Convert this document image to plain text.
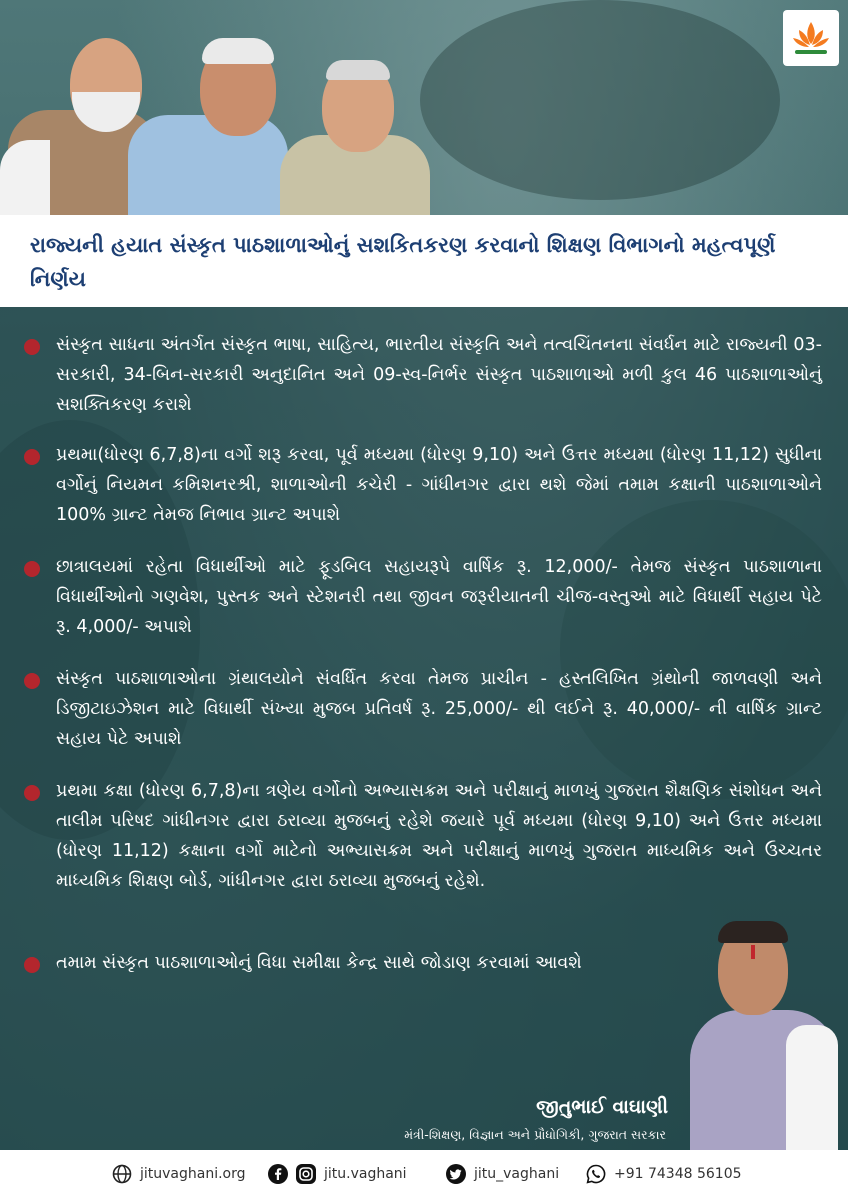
રાજ્યની હયાત સંસ્કૃત પાઠશાળાઓનું સશકિતકરણ કરવાનો શિક્ષણ વિભાગનો મહત્વપૂર્ણ નિર્ણય
સંસ્કૃત સાધના અંતર્ગત સંસ્કૃત ભાષા, સાહિત્ય, ભારતીય સંસ્કૃતિ અને તત્વચિંતનના સંવર્ધન માટે રાજ્યની 03-સરકારી, 34-બિન-સરકારી અનુદાનિત અને 09-સ્વ-નિર્ભર સંસ્કૃત પાઠશાળાઓ મળી કુલ 46 પાઠશાળાઓનું સશક્તિકરણ કરાશે
પ્રથમા(ધોરણ 6,7,8)ના વર્ગો શરૂ કરવા, પૂર્વ મધ્યમા (ધોરણ 9,10) અને ઉત્તર મધ્યમા (ધોરણ 11,12) સુધીના વર્ગોનું નિયમન કમિશનરશ્રી, શાળાઓની કચેરી - ગાંધીનગર દ્વારા થશે જેમાં તમામ કક્ષાની પાઠશાળાઓને 100% ગ્રાન્ટ તેમજ નિભાવ ગ્રાન્ટ અપાશે
છાત્રાલયમાં રહેતા વિધાર્થીઓ માટે ફૂડબિલ સહાયરૂપે વાર્ષિક રૂ. 12,000/- તેમજ સંસ્કૃત પાઠશાળાના વિધાર્થીઓનો ગણવેશ, પુસ્તક અને સ્ટેશનરી તથા જીવન જરૂરીયાતની ચીજ-વસ્તુઓ માટે વિધાર્થી સહાય પેટે રૂ. 4,000/- અપાશે
સંસ્કૃત પાઠશાળાઓના ગ્રંથાલયોને સંવર્ધિત કરવા તેમજ પ્રાચીન - હસ્તલિખિત ગ્રંથોની જાળવણી અને ડિજીટાઇઝેશન માટે વિધાર્થી સંખ્યા મુજબ પ્રતિવર્ષ રૂ. 25,000/- થી લઈને રૂ. 40,000/- ની વાર્ષિક ગ્રાન્ટ સહાય પેટે અપાશે
પ્રથમા કક્ષા (ધોરણ 6,7,8)ના ત્રણેય વર્ગોનો અભ્યાસક્રમ અને પરીક્ષાનું માળખું ગુજરાત શૈક્ષણિક સંશોધન અને તાલીમ પરિષદ ગાંધીનગર દ્વારા ઠરાવ્યા મુજબનું રહેશે જયારે પૂર્વ મધ્યમા (ધોરણ 9,10) અને ઉત્તર મધ્યમા (ધોરણ 11,12) કક્ષાના વર્ગો માટેનો અભ્યાસક્રમ અને પરીક્ષાનું માળખું ગુજરાત માધ્યમિક અને ઉચ્ચતર માધ્યમિક શિક્ષણ બોર્ડ, ગાંધીનગર દ્વારા ઠરાવ્યા મુજબનું રહેશે.
તમામ સંસ્કૃત પાઠશાળાઓનું વિધા સમીક્ષા કેન્દ્ર સાથે જોડાણ કરવામાં આવશે
જીતુભાઈ વાઘાણી
મંત્રી-શિક્ષણ, વિજ્ઞાન અને પ્રૌધોગિકી, ગુજરાત સરકાર
jituvaghani.org	jitu.vaghani	jitu_vaghani	+91 74348 56105
